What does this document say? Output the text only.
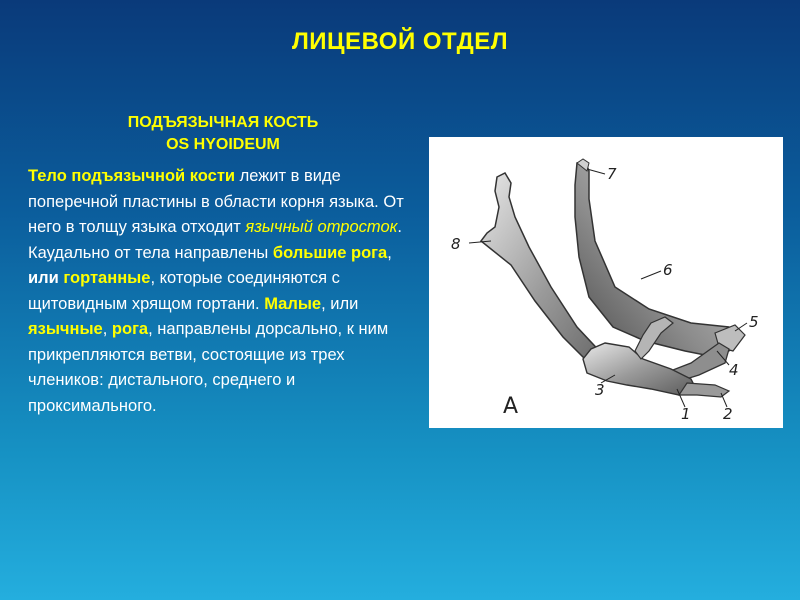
ЛИЦЕВОЙ ОТДЕЛ
ПОДЪЯЗЫЧНАЯ КОСТЬ
OS HYOIDEUM
Тело подъязычной кости лежит в виде поперечной пластины в области корня языка. От него в толщу языка отходит язычный отросток.
Каудально от тела направлены большие рога, или гортанные, которые соединяются с щитовидным хрящом гортани. Малые, или язычные, рога, направлены дорсально, к ним прикрепляются ветви, состоящие из трех члеников: дистального, среднего и проксимального.
8
7
6
5
4
3
1 2
А
